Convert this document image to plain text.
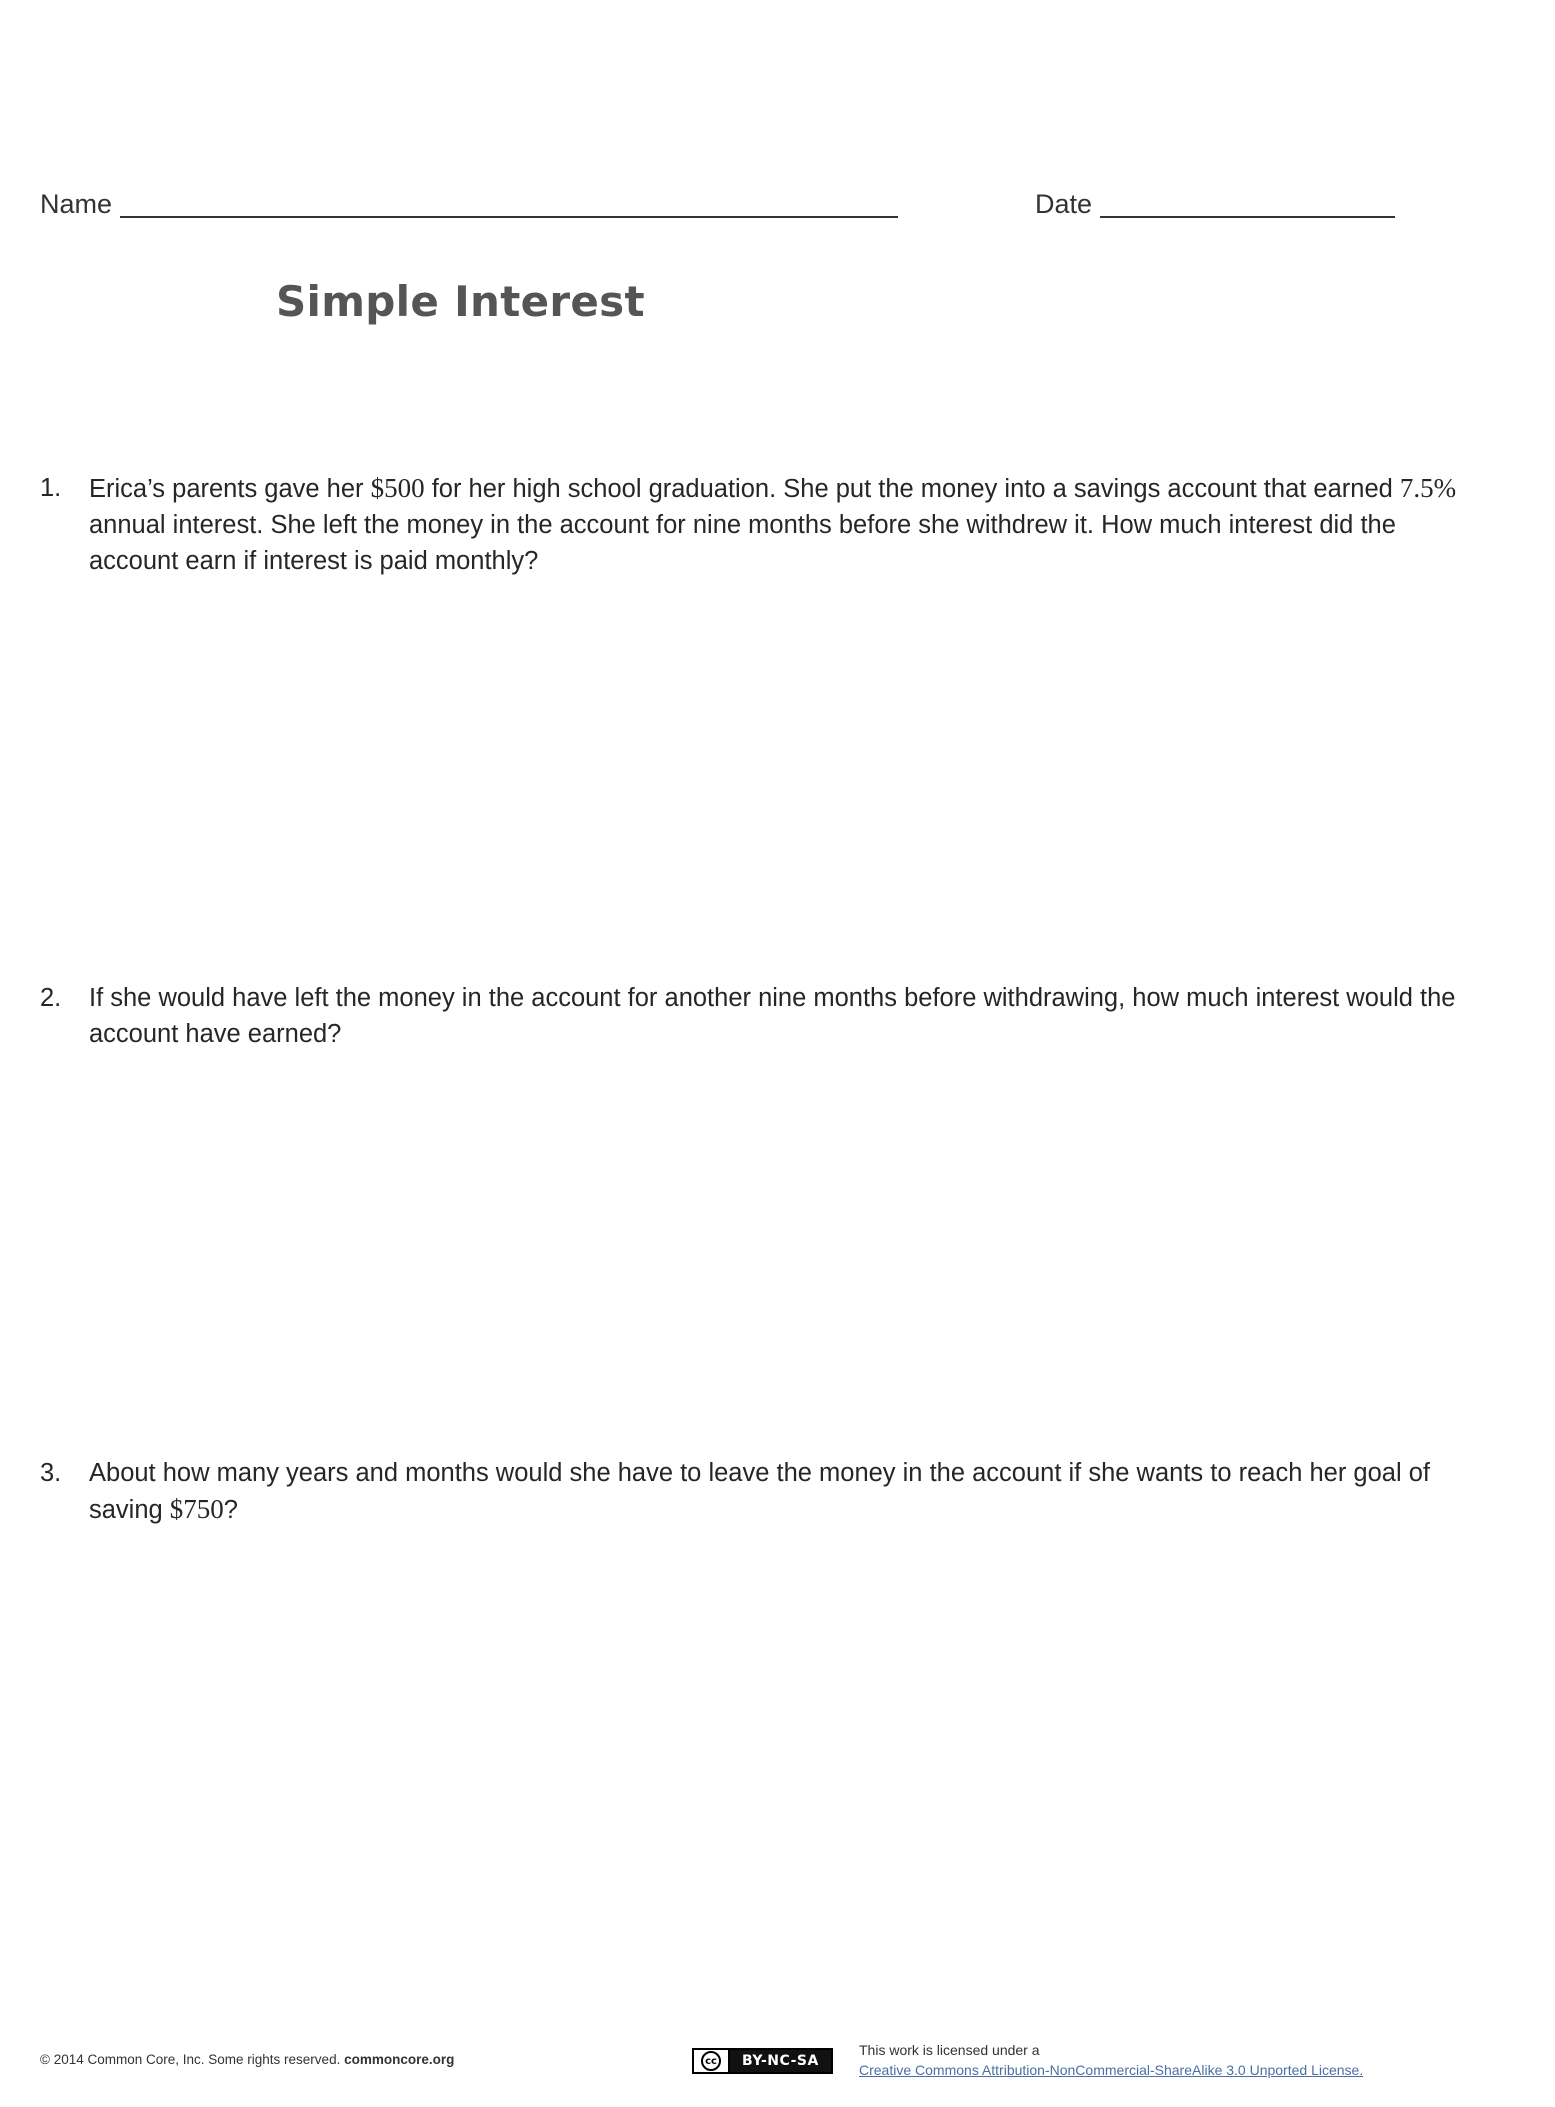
Name	Date
Simple Interest
1.	Erica’s parents gave her $500 for her high school graduation. She put the money into a savings account that earned 7.5% annual interest. She left the money in the account for nine months before she withdrew it. How much interest did the account earn if interest is paid monthly?
2.	If she would have left the money in the account for another nine months before withdrawing, how much interest would the account have earned?
3.	About how many years and months would she have to leave the money in the account if she wants to reach her goal of saving $750?
© 2014 Common Core, Inc. Some rights reserved. commoncore.org	cc	BY-NC-SA
This work is licensed under a
Creative Commons Attribution-NonCommercial-ShareAlike 3.0 Unported License.
